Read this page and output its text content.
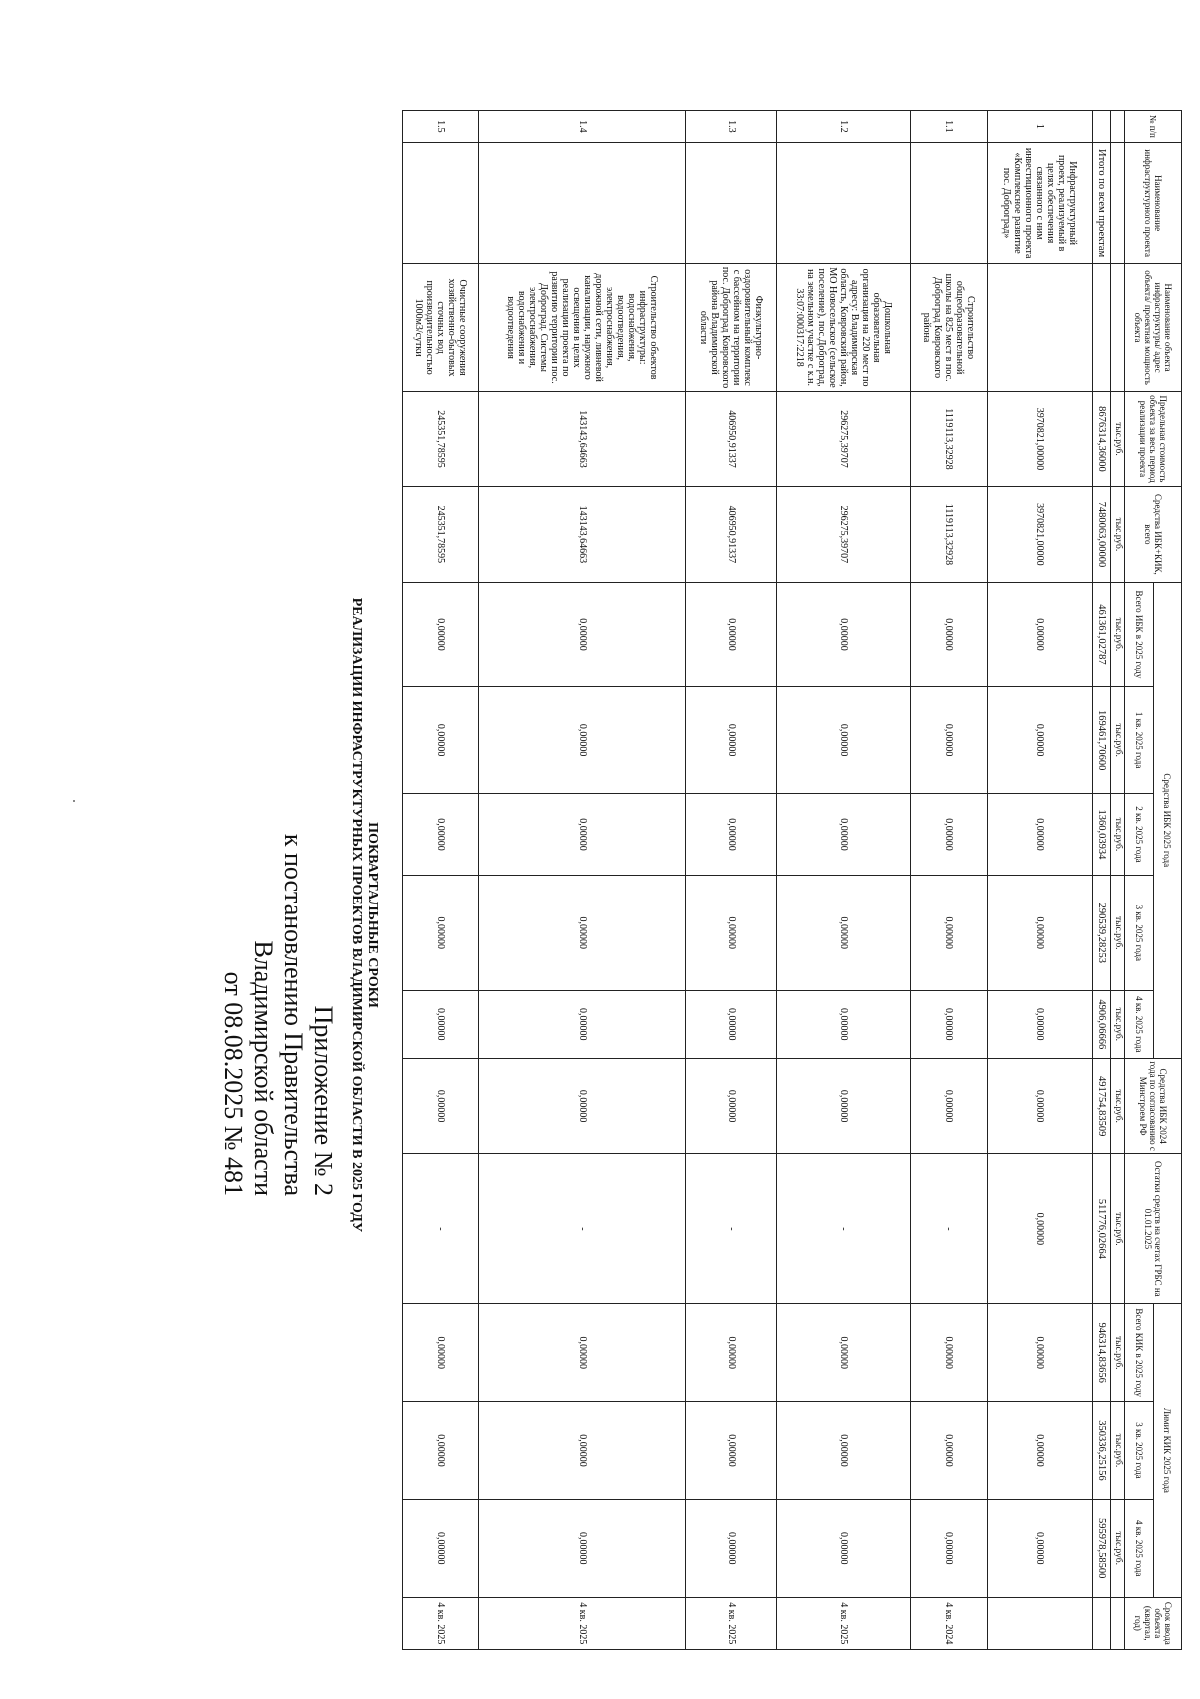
Приложение № 2
к постановлению Правительства
Владимирской области
от 08.08.2025 № 481
ПОКВАРТАЛЬНЫЕ СРОКИ
РЕАЛИЗАЦИИ ИНФРАСТРУКТУРНЫХ ПРОЕКТОВ ВЛАДИМИРСКОЙ ОБЛАСТИ В 2025 ГОДУ
№ п/п	Наименование инфраструктурного проекта	Наименование объекта инфраструктуры/ адрес объекта/ проектная мощность объекта	Предельная стоимость объекта за весь период реализации проекта	Средства ИБК+КИК, всего	Средства ИБК 2025 года					Средства ИБК 2024 года по согласованию с Минстроем РФ	Остатки средств на счетах ГРБС на 01.01.2025	Лимит КИК 2025 года			Срок ввода объекта (квартал, год)
					Всего ИБК в 2025 году	1 кв. 2025 года	2 кв. 2025 года	3 кв. 2025 года	4 кв. 2025 года			Всего КИК в 2025 году	3 кв. 2025 года	4 кв. 2025 года	
			тыс.руб.	тыс.руб.	тыс.руб.	тыс.руб.	тыс.руб.	тыс.руб.	тыс.руб.	тыс.руб.	тыс.руб.	тыс.руб.	тыс.руб.	тыс.руб.	
	Итого по всем проектам		8676314,36000	7480063,00000	461361,02787	169461,70600	1360,03934	290539,28253	4906,06666	491754,83509	511776,02664	946314,83656	350336,25156	595978,58500	
1	Инфраструктурный проект, реализуемый в целях обеспечения связанного с ним инвестиционного проекта «Комплексное развитие пос. Доброград»		3970821,00000	3970821,00000	0,00000	0,00000	0,00000	0,00000	0,00000	0,00000	0,00000	0,00000	0,00000	0,00000	
1.1		Строительство общеобразовательной школы на 825 мест в пос. Доброград Ковровского района	1119113,32928	1119113,32928	0,00000	0,00000	0,00000	0,00000	0,00000	0,00000	-	0,00000	0,00000	0,00000	4 кв. 2024
1.2		Дошкольная образовательная организация на 220 мест по адресу: Владимирская область, Ковровский район, МО Новосельское (сельское поселение), пос.Доброград, на земельном участке с к.н. 33:07:000317:2218	296275,39707	296275,39707	0,00000	0,00000	0,00000	0,00000	0,00000	0,00000	-	0,00000	0,00000	0,00000	4 кв. 2025
1.3		Физкультурно-оздоровительный комплекс с бассейном на территории пос. Доброград Ковровского района Владимирской области	406950,91337	406950,91337	0,00000	0,00000	0,00000	0,00000	0,00000	0,00000	-	0,00000	0,00000	0,00000	4 кв. 2025
1.4		Строительство объектов инфраструктуры: водоснабжения, водоотведения, электроснабжения, дорожной сети, ливневой канализации, наружного освещения в целях реализации проекта по развитию территории пос. Доброград. Системы электроснабжения, водоснабжения и водоотведения	143143,64663	143143,64663	0,00000	0,00000	0,00000	0,00000	0,00000	0,00000	-	0,00000	0,00000	0,00000	4 кв. 2025
1.5		Очистные сооружения хозяйственно-бытовых сточных вод производительностью 1000м3/сутки	245351,78595	245351,78595	0,00000	0,00000	0,00000	0,00000	0,00000	0,00000	-	0,00000	0,00000	0,00000	4 кв. 2025
